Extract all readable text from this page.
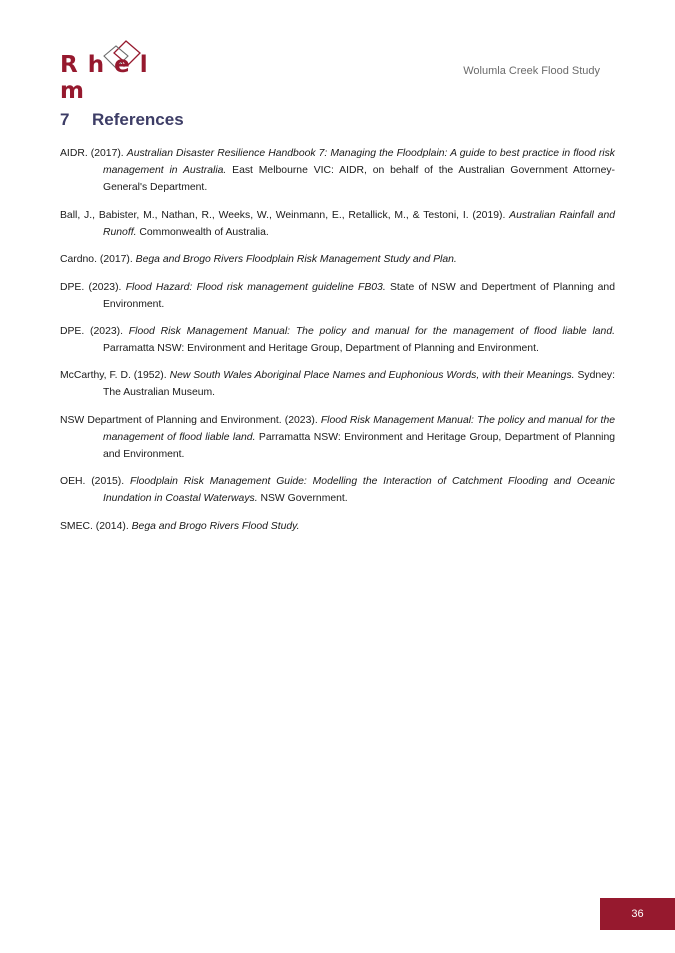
R h e lm
Wolumla Creek Flood Study
7 References

AIDR. (2017). Australian Disaster Resilience Handbook 7: Managing the Floodplain: A guide to best practice in flood risk management in Australia. East Melbourne VIC: AIDR, on behalf of the Australian Government Attorney-General's Department.

Ball, J., Babister, M., Nathan, R., Weeks, W., Weinmann, E., Retallick, M., & Testoni, I. (2019). Australian Rainfall and Runoff. Commonwealth of Australia.

Cardno. (2017). Bega and Brogo Rivers Floodplain Risk Management Study and Plan.

DPE. (2023). Flood Hazard: Flood risk management guideline FB03. State of NSW and Depertment of Planning and Environment.

DPE. (2023). Flood Risk Management Manual: The policy and manual for the management of flood liable land. Parramatta NSW: Environment and Heritage Group, Department of Planning and Environment.

McCarthy, F. D. (1952). New South Wales Aboriginal Place Names and Euphonious Words, with their Meanings. Sydney: The Australian Museum.

NSW Department of Planning and Environment. (2023). Flood Risk Management Manual: The policy and manual for the management of flood liable land. Parramatta NSW: Environment and Heritage Group, Department of Planning and Environment.

OEH. (2015). Floodplain Risk Management Guide: Modelling the Interaction of Catchment Flooding and Oceanic Inundation in Coastal Waterways. NSW Government.

SMEC. (2014). Bega and Brogo Rivers Flood Study.

36
